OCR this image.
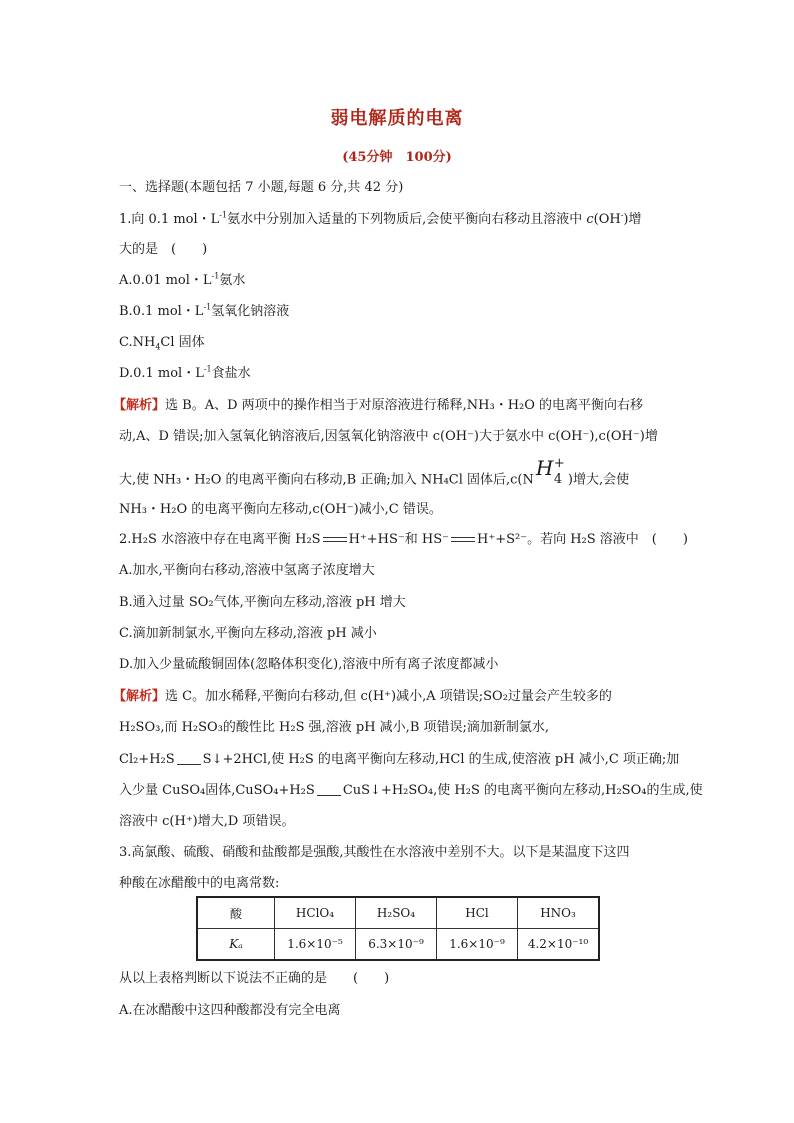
弱电解质的电离
(45分钟　100分)
一、选择题(本题包括 7 小题,每题 6 分,共 42 分)
1.向 0.1 mol・$L^{-1}$氨水中分别加入适量的下列物质后,会使平衡向右移动且溶液中 c(OH-)增
大的是　(　　)
A.0.01 mol・$L^{-1}$氨水
B.0.1 mol・$L^{-1}$氢氧化钠溶液
$C.NH_4Cl$ 固体
D.0.1 mol・$L^{-1}$食盐水
【解析】选 B。A、D 两项中的操作相当于对原溶液进行稀释,NH₃・H₂O 的电离平衡向右移
动,A、D 错误;加入氢氧化钠溶液后,因氢氧化钠溶液中 c(OH⁻)大于氨水中 c(OH⁻),c(OH⁻)增
大,使 NH₃・H₂O 的电离平衡向右移动,B 正确;加入 NH₄Cl 固体后,c(N H +
4 )增大,会使
NH₃・H₂O 的电离平衡向左移动,c(OH⁻)减小,C 错误。
2.H₂S 水溶液中存在电离平衡 H₂S H⁺+HS⁻和 HS⁻ H⁺+S²⁻。若向 H₂S 溶液中　(　　)
A.加水,平衡向右移动,溶液中氢离子浓度增大
B.通入过量 SO₂气体,平衡向左移动,溶液 pH 增大
C.滴加新制氯水,平衡向左移动,溶液 pH 减小
D.加入少量硫酸铜固体(忽略体积变化),溶液中所有离子浓度都减小
【解析】选 C。加水稀释,平衡向右移动,但 c(H⁺)减小,A 项错误;SO₂过量会产生较多的
H₂SO₃,而 H₂SO₃的酸性比 H₂S 强,溶液 pH 减小,B 项错误;滴加新制氯水,
Cl₂+H₂S S↓+2HCl,使 H₂S 的电离平衡向左移动,HCl 的生成,使溶液 pH 减小,C 项正确;加
入少量 CuSO₄固体,CuSO₄+H₂S CuS↓+H₂SO₄,使 H₂S 的电离平衡向左移动,H₂SO₄的生成,使
溶液中 c(H⁺)增大,D 项错误。
3.高氯酸、硫酸、硝酸和盐酸都是强酸,其酸性在水溶液中差别不大。以下是某温度下这四
种酸在冰醋酸中的电离常数:
酸	HClO₄	H₂SO₄	HCl	HNO₃
Kₐ	1.6×10⁻⁵	6.3×10⁻⁹	1.6×10⁻⁹	4.2×10⁻¹⁰
从以上表格判断以下说法不正确的是　　(　　)
A.在冰醋酸中这四种酸都没有完全电离
